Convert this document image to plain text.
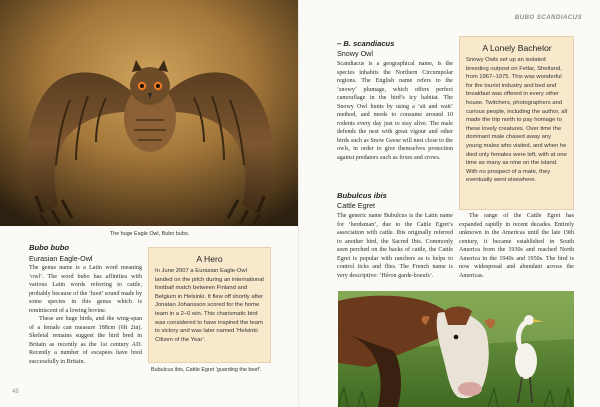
The huge Eagle Owl, Bubo bubo.
Bubo bubo
Eurasian Eagle-Owl

The genus name is a Latin word meaning ‘owl’. The word bubo has affinities with various Latin words referring to cattle, probably because of the ‘hoot’ sound made by some species in this genus which is reminiscent of a lowing bovine.

These are huge birds, and the wing-span of a female can measure 188cm (6ft 2in). Skeletal remains suggest the bird bred in Britain as recently as the 1st century AD. Recently a number of escapees have bred successfully in Britain.

A Hero

In June 2007 a Eurasian Eagle-Owl landed on the pitch during an international football match between Finland and Belgium in Helsinki. It flew off shortly after Jonatan Johansson scored for the home team in a 2–0 win. This charismatic bird was considered to have inspired the team to victory and was later named ‘Helsinki Citizen of the Year’.

Bubulcus ibis, Cattle Egret ‘guarding the beef’.
48
BUBO SCANDIACUS
– B. scandiacus
Snowy Owl

Scandiacus is a geographical name, is the species inhabits the Northern Circumpolar regions. The English name refers to the ‘snowy’ plumage, which offers perfect camouflage in the bird’s icy habitat. The Snowy Owl hunts by using a ‘sit and wait’ method, and needs to consume around 10 rodents every day just to stay alive. The male defends the nest with great vigour and other birds such as Snow Geese will nest close to the owls, in order to give themselves protection against predators such as foxes and crows.

A Lonely Bachelor

Snowy Owls set up an isolated breeding outpost on Fetlar, Shetland, from 1967–1975. This was wonderful for the tourist industry and bed and breakfast was offered in every other house. Twitchers, photographers and curious people, including the author, all made the trip north to pay homage to these lovely creatures. Over time the dominant male chased away any young males who visited, and when he died only females were left, with at one time as many as nine on the island. With no prospect of a mate, they eventually went elsewhere.

Bubulcus ibis
Cattle Egret

The generic name Bubulcus is the Latin name for ‘herdsman’, due to the Cattle Egret’s association with cattle. Ibis originally referred to another bird, the Sacred Ibis. Commonly seen perched on the backs of cattle, the Cattle Egret is popular with ranchers as is helps to control ticks and flies. The French name is very descriptive: ‘Héron garde-boeufs’.

The range of the Cattle Egret has expanded rapidly in recent decades. Entirely unknown in the Americas until the late 19th century, it became established in South America from the 1930s and reached North America in the 1940s and 1950s. The bird is now widespread and abundant across the Americas.
